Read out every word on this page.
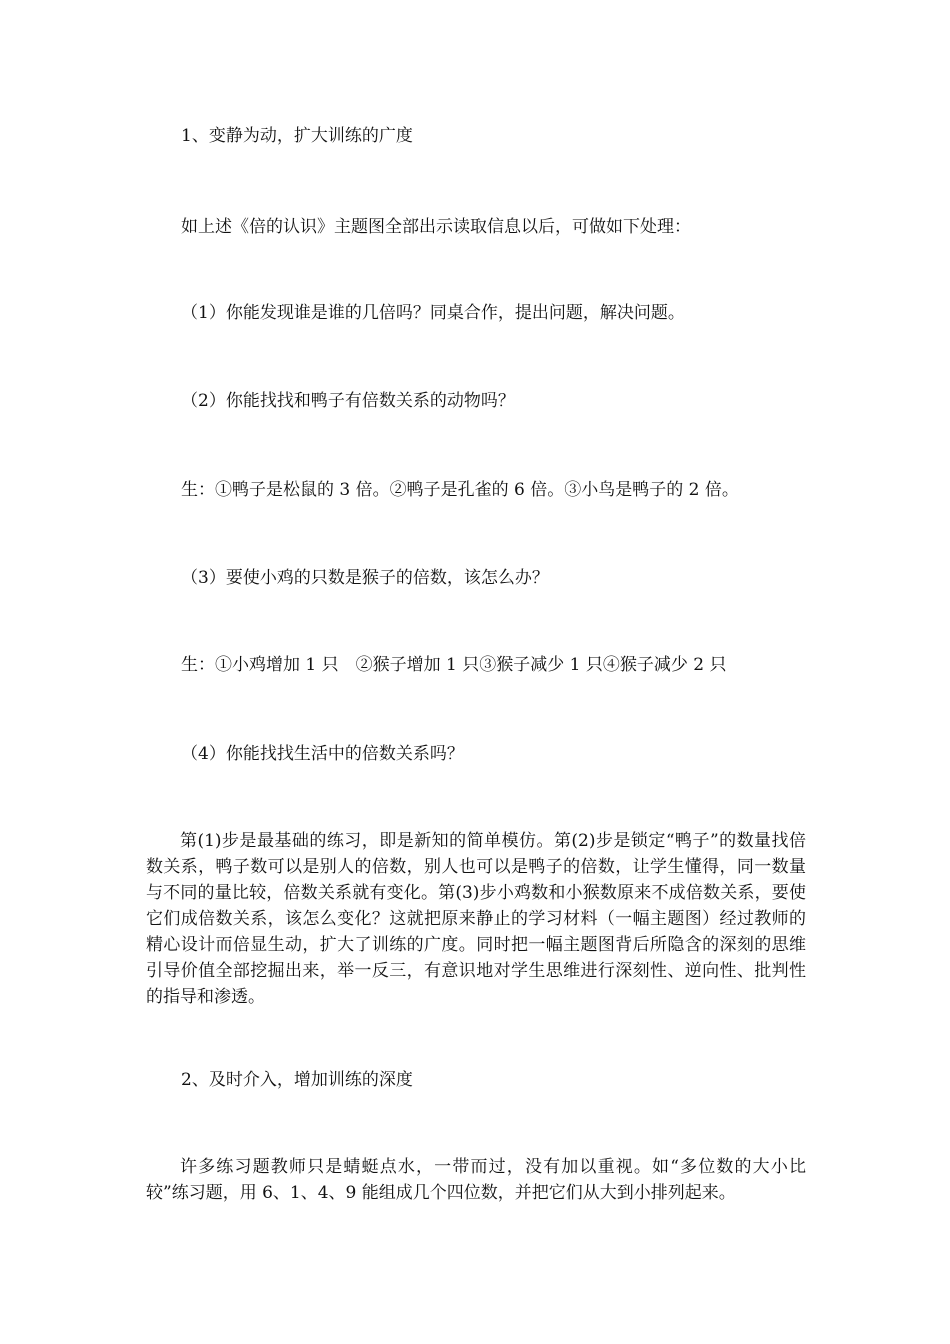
1、变静为动，扩大训练的广度
如上述《倍的认识》主题图全部出示读取信息以后，可做如下处理：
（1）你能发现谁是谁的几倍吗？同桌合作，提出问题，解决问题。
（2）你能找找和鸭子有倍数关系的动物吗？
生：①鸭子是松鼠的 3 倍。②鸭子是孔雀的 6 倍。③小鸟是鸭子的 2 倍。
（3）要使小鸡的只数是猴子的倍数，该怎么办？
生：①小鸡增加 1 只　②猴子增加 1 只③猴子减少 1 只④猴子减少 2 只
（4）你能找找生活中的倍数关系吗？

第(1)步是最基础的练习，即是新知的简单模仿。第(2)步是锁定“鸭子”的数量找倍数关系，鸭子数可以是别人的倍数，别人也可以是鸭子的倍数，让学生懂得，同一数量与不同的量比较，倍数关系就有变化。第(3)步小鸡数和小猴数原来不成倍数关系，要使它们成倍数关系，该怎么变化？这就把原来静止的学习材料（一幅主题图）经过教师的精心设计而倍显生动，扩大了训练的广度。同时把一幅主题图背后所隐含的深刻的思维引导价值全部挖掘出来，举一反三，有意识地对学生思维进行深刻性、逆向性、批判性的指导和渗透。

2、及时介入，增加训练的深度

许多练习题教师只是蜻蜓点水，一带而过，没有加以重视。如“多位数的大小比较”练习题，用 6、1、4、9 能组成几个四位数，并把它们从大到小排列起来。
